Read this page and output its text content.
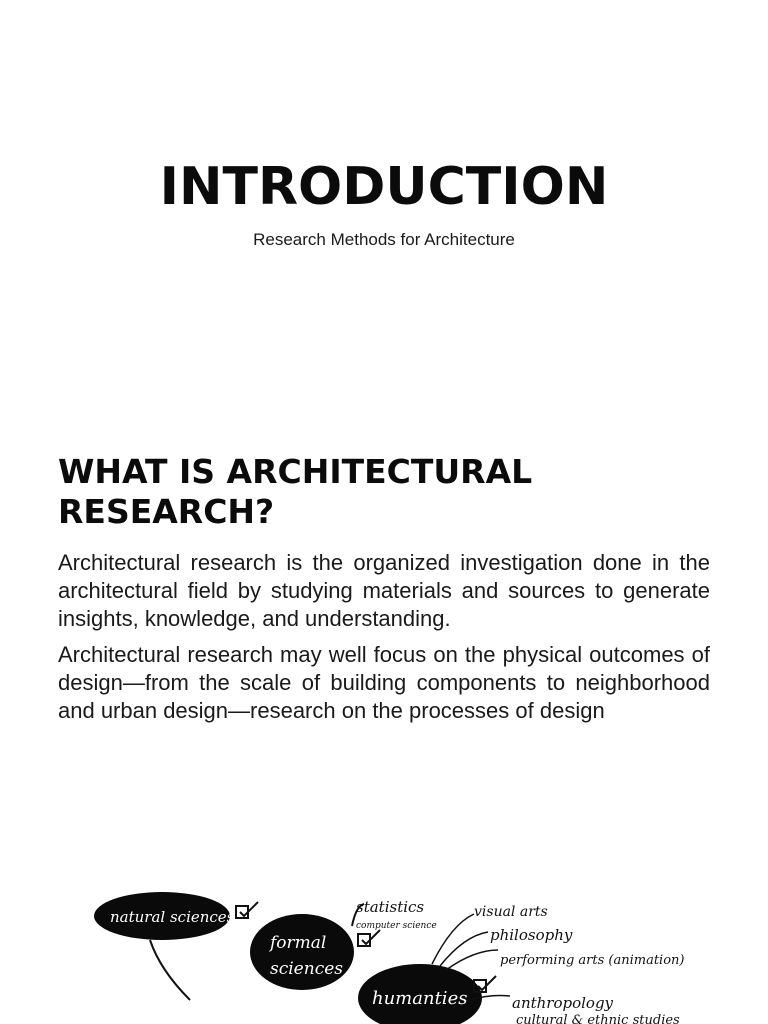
INTRODUCTION
Research Methods for Architecture
WHAT IS ARCHITECTURAL
RESEARCH?
Architectural research is the organized investigation done in the architectural field by studying materials and sources to generate insights, knowledge, and understanding.
Architectural research may well focus on the physical outcomes of design—from the scale of building components to neighborhood and urban design—research on the processes of design
natural sciences
formal
sciences
statistics
computer science
humanties
visual arts
philosophy
performing arts (animation)
anthropology
cultural & ethnic studies
